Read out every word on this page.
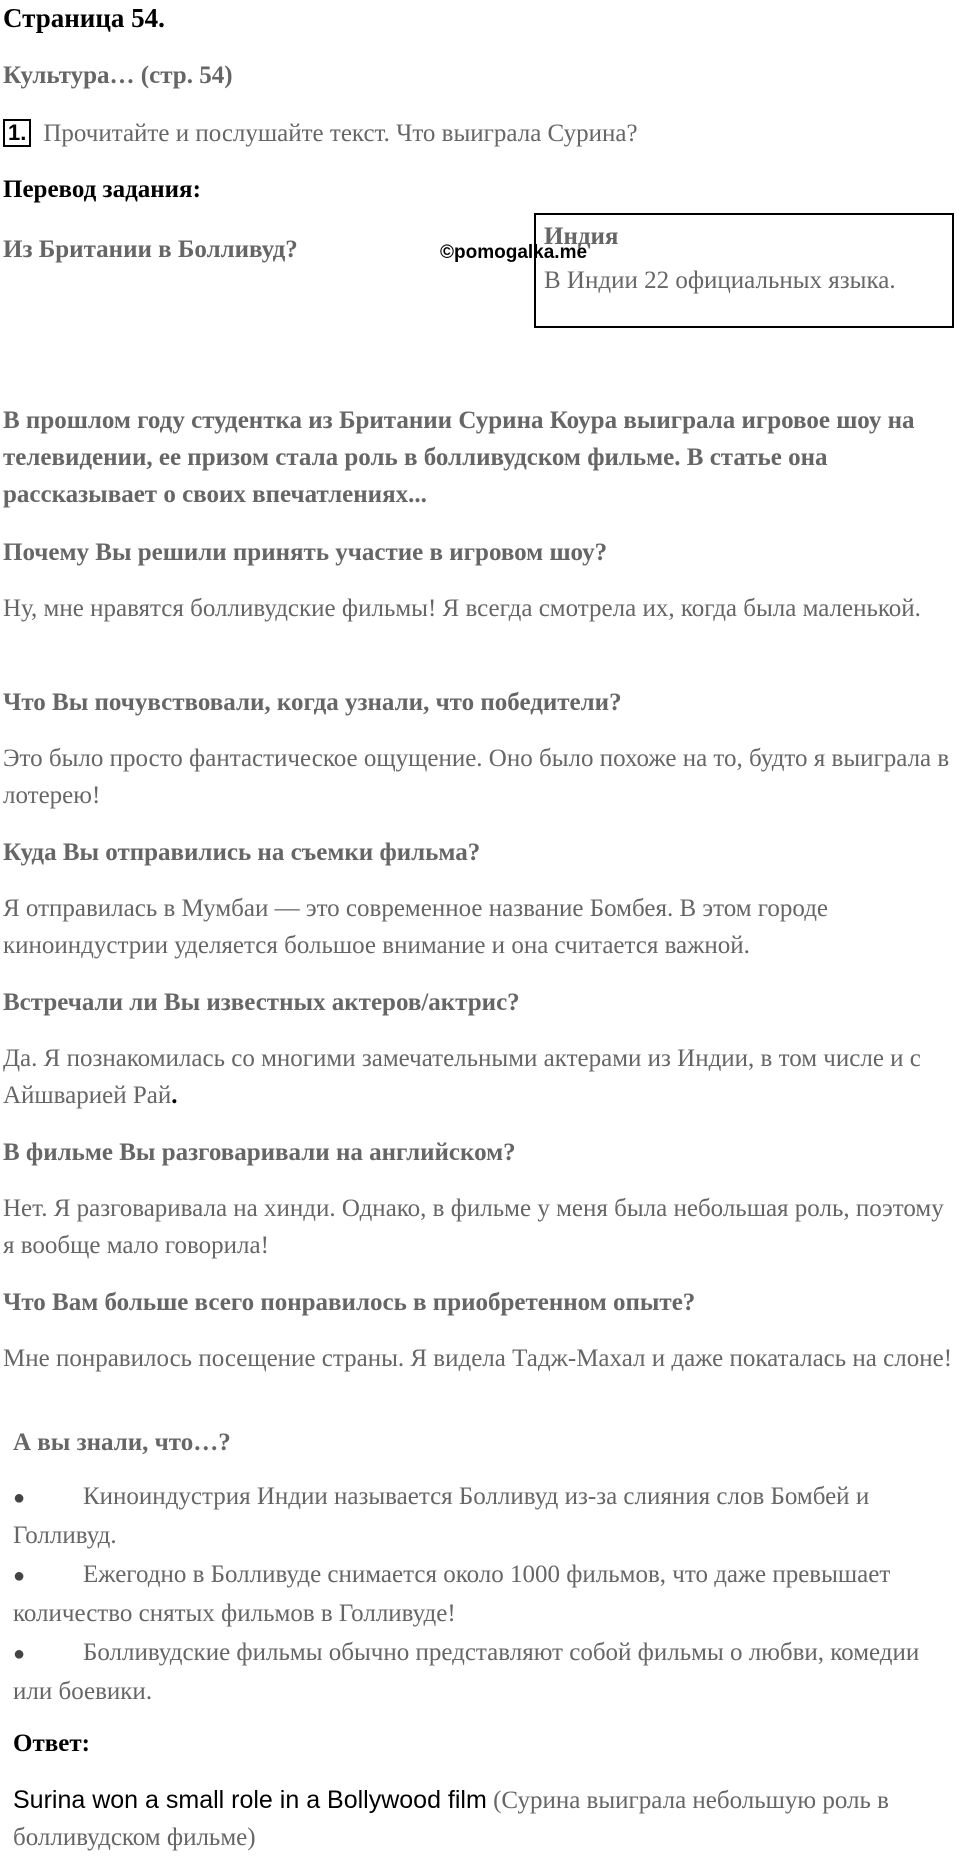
Страница 54.
Культура… (стр. 54)
1. Прочитайте и послушайте текст. Что выиграла Сурина?
Перевод задания:
Из Британии в Болливуд?	©pomogalka.me
Индия
В Индии 22 официальных языка.
В прошлом году студентка из Британии Сурина Коура выиграла игровое шоу на телевидении, ее призом стала роль в болливудском фильме. В статье она рассказывает о своих впечатлениях...
Почему Вы решили принять участие в игровом шоу?
Ну, мне нравятся болливудские фильмы! Я всегда смотрела их, когда была маленькой.
Что Вы почувствовали, когда узнали, что победители?
Это было просто фантастическое ощущение. Оно было похоже на то, будто я выиграла в лотерею!
Куда Вы отправились на съемки фильма?
Я отправилась в Мумбаи — это современное название Бомбея. В этом городе киноиндустрии уделяется большое внимание и она считается важной.
Встречали ли Вы известных актеров/актрис?
Да. Я познакомилась со многими замечательными актерами из Индии, в том числе и с Айшварией Рай.
В фильме Вы разговаривали на английском?
Нет. Я разговаривала на хинди. Однако, в фильме у меня была небольшая роль, поэтому я вообще мало говорила!
Что Вам больше всего понравилось в приобретенном опыте?
Мне понравилось посещение страны. Я видела Тадж-Махал и даже покаталась на слоне!
А вы знали, что…?
● Киноиндустрия Индии называется Болливуд из-за слияния слов Бомбей и Голливуд.
● Ежегодно в Болливуде снимается около 1000 фильмов, что даже превышает количество снятых фильмов в Голливуде!
● Болливудские фильмы обычно представляют собой фильмы о любви, комедии или боевики.
Ответ:
Surina won a small role in a Bollywood film (Сурина выиграла небольшую роль в болливудском фильме)
